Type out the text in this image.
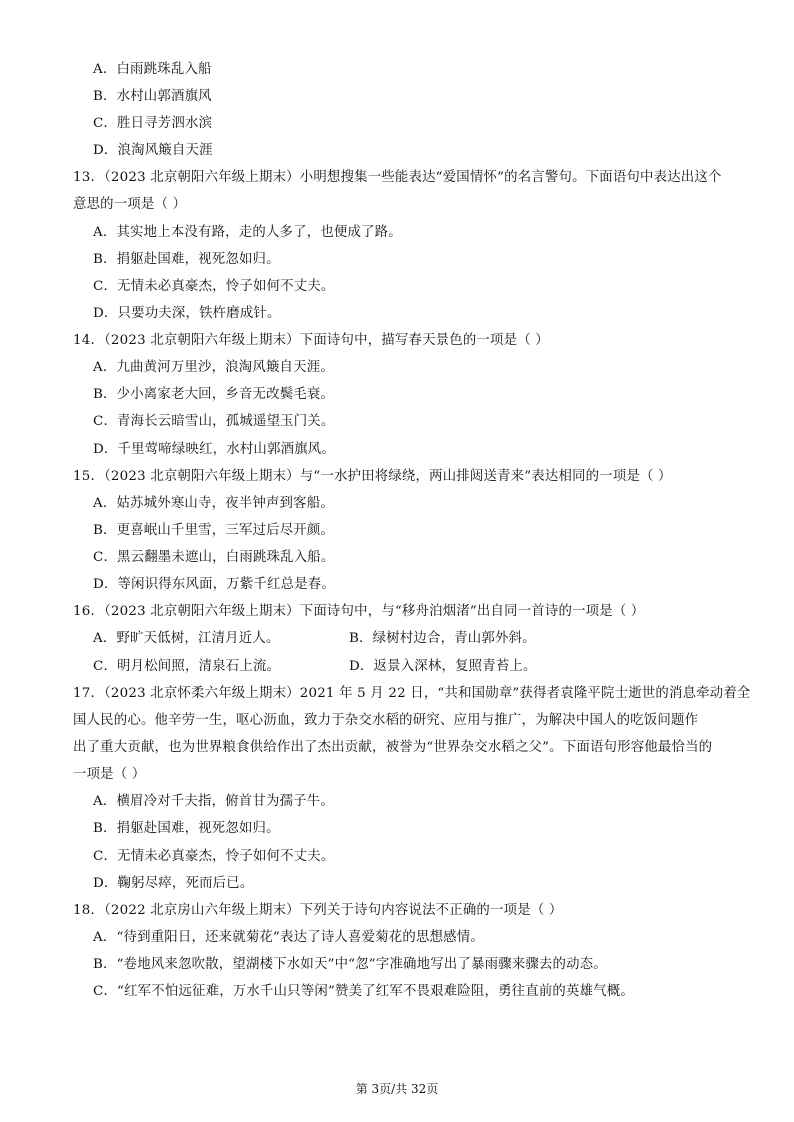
A．白雨跳珠乱入船
B．水村山郭酒旗风
C．胜日寻芳泗水滨
D．浪淘风簸自天涯
13．（2023 北京朝阳六年级上期末）小明想搜集一些能表达“爱国情怀”的名言警句。下面语句中表达出这个
意思的一项是（ ）
A．其实地上本没有路，走的人多了，也便成了路。
B．捐躯赴国难，视死忽如归。
C．无情未必真豪杰，怜子如何不丈夫。
D．只要功夫深，铁杵磨成针。
14．（2023 北京朝阳六年级上期末）下面诗句中，描写春天景色的一项是（ ）
A．九曲黄河万里沙，浪淘风簸自天涯。
B．少小离家老大回，乡音无改鬓毛衰。
C．青海长云暗雪山，孤城遥望玉门关。
D．千里莺啼绿映红，水村山郭酒旗风。
15．（2023 北京朝阳六年级上期末）与“一水护田将绿绕，两山排闼送青来”表达相同的一项是（ ）
A．姑苏城外寒山寺，夜半钟声到客船。
B．更喜岷山千里雪，三军过后尽开颜。
C．黑云翻墨未遮山，白雨跳珠乱入船。
D．等闲识得东风面，万紫千红总是春。
16．（2023 北京朝阳六年级上期末）下面诗句中，与“移舟泊烟渚”出自同一首诗的一项是（ ）
A．野旷天低树，江清月近人。	B．绿树村边合，青山郭外斜。
C．明月松间照，清泉石上流。	D．返景入深林，复照青苔上。
17．（2023 北京怀柔六年级上期末）2021 年 5 月 22 日，“共和国勋章”获得者袁隆平院士逝世的消息牵动着全
国人民的心。他辛劳一生，呕心沥血，致力于杂交水稻的研究、应用与推广，为解决中国人的吃饭问题作
出了重大贡献，也为世界粮食供给作出了杰出贡献，被誉为“世界杂交水稻之父”。下面语句形容他最恰当的
一项是（ ）
A．横眉冷对千夫指，俯首甘为孺子牛。
B．捐躯赴国难，视死忽如归。
C．无情未必真豪杰，怜子如何不丈夫。
D．鞠躬尽瘁，死而后已。
18．（2022 北京房山六年级上期末）下列关于诗句内容说法不正确的一项是（ ）
A．“待到重阳日，还来就菊花”表达了诗人喜爱菊花的思想感情。
B．“卷地风来忽吹散，望湖楼下水如天”中“忽”字准确地写出了暴雨骤来骤去的动态。
C．“红军不怕远征难，万水千山只等闲”赞美了红军不畏艰难险阻，勇往直前的英雄气概。
第 3页/共 32页
